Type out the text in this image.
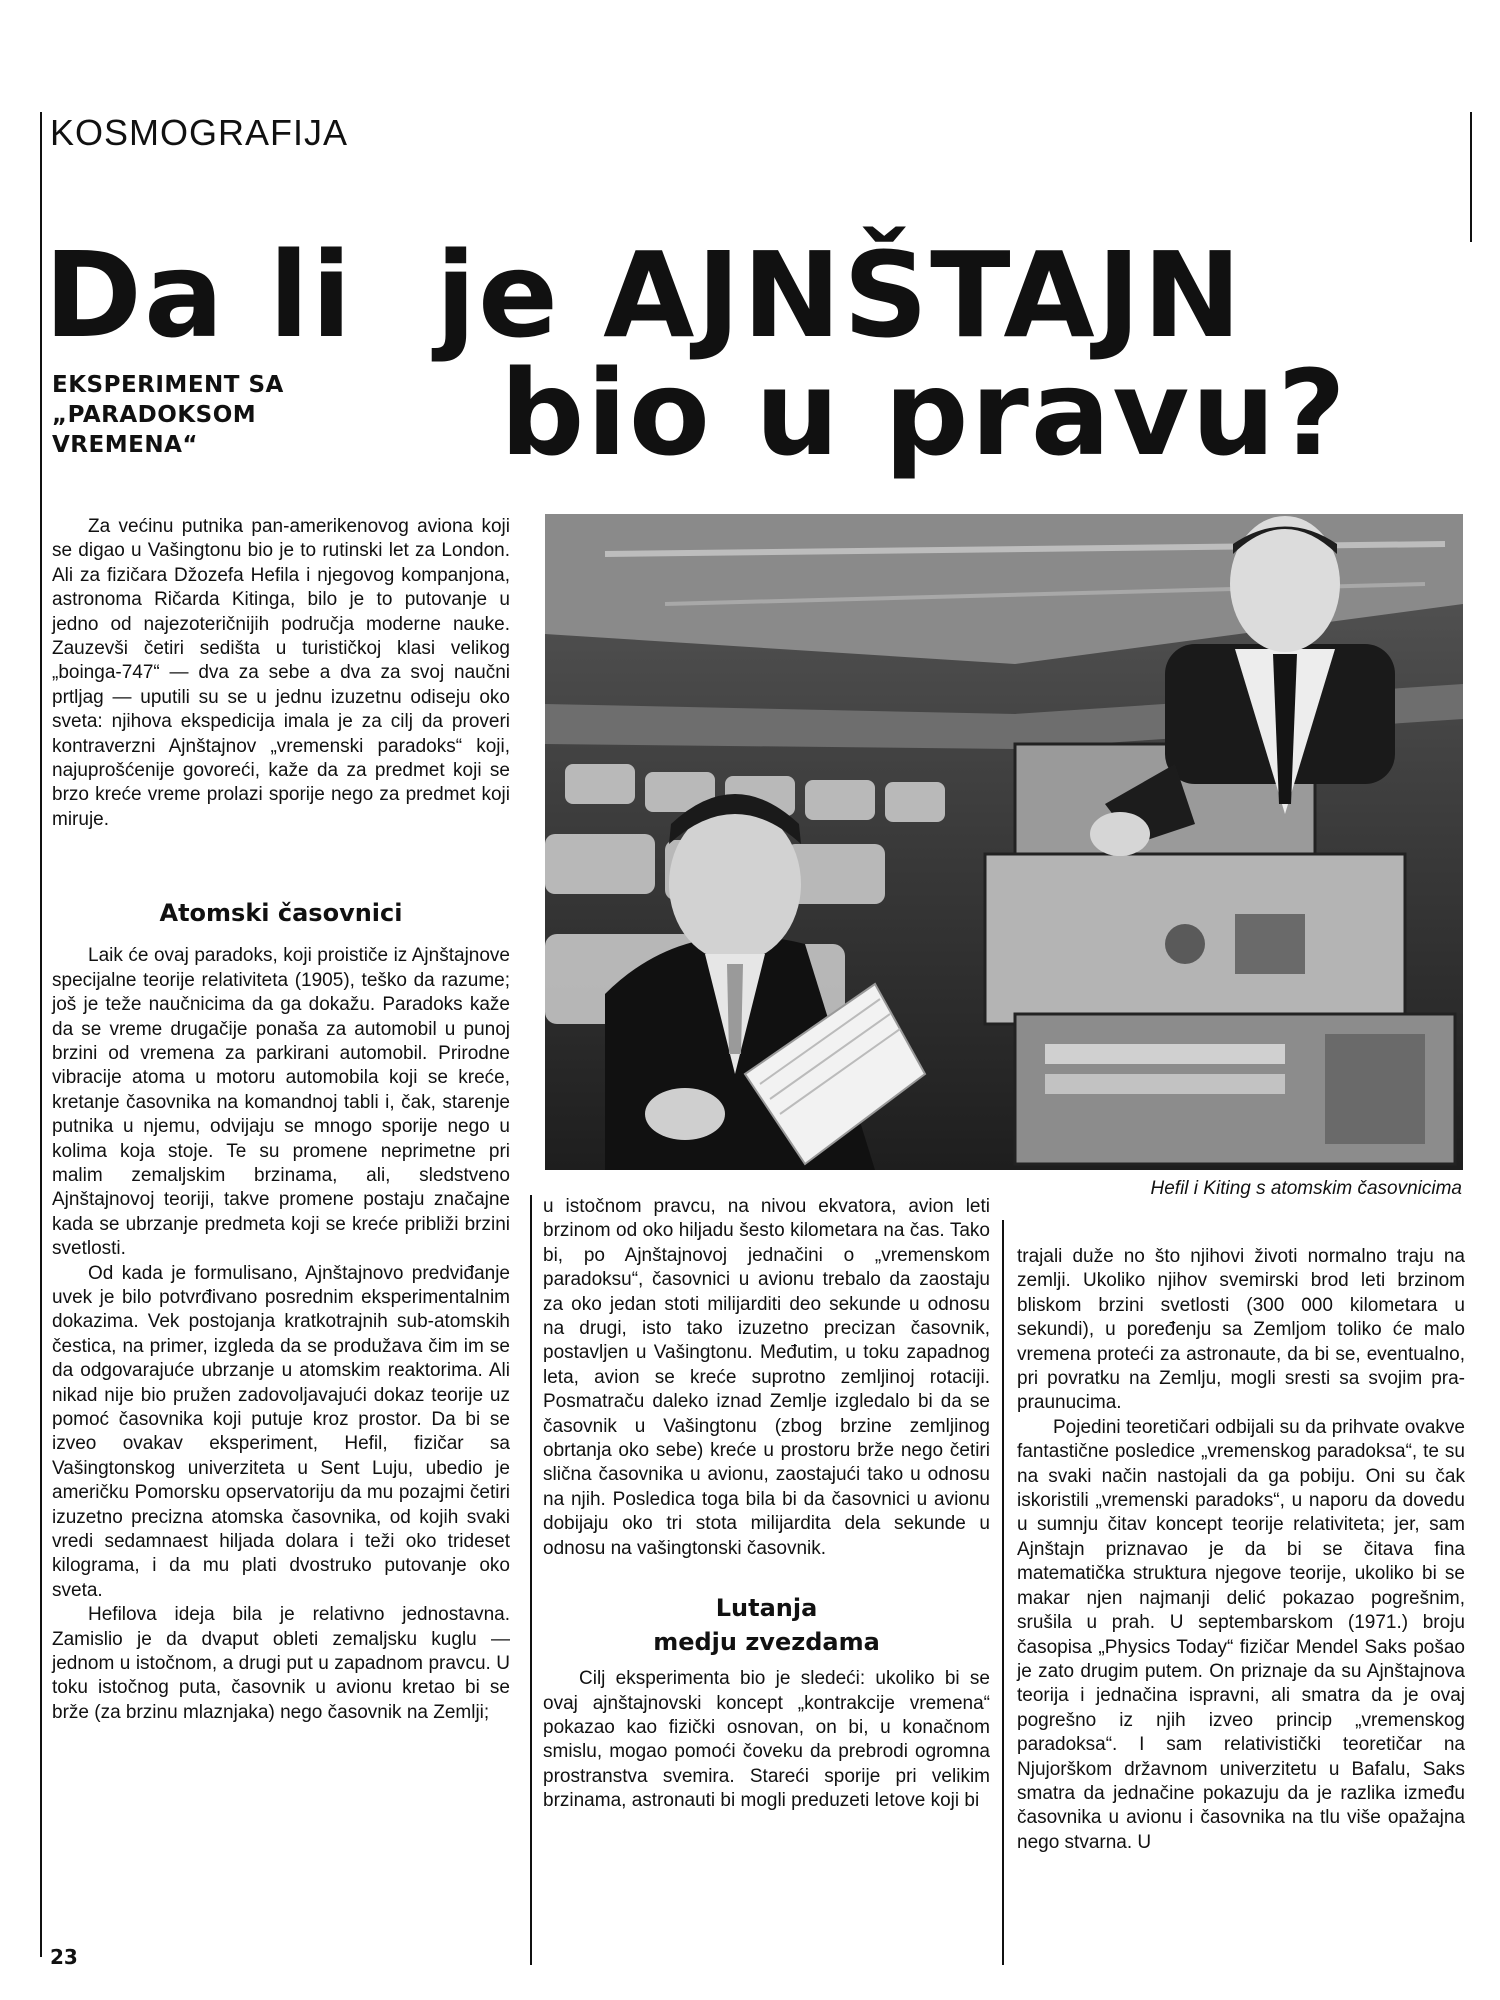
KOSMOGRAFIJA
Da li je AJNŠTAJN
bio u pravu?
EKSPERIMENT SA
„PARADOKSOM
VREMENA“

Za većinu putnika pan-amerikenovog aviona koji se digao u Vašingtonu bio je to rutinski let za London. Ali za fizičara Džozefa Hefila i njegovog kompanjona, astronoma Ričarda Kitinga, bilo je to putovanje u jedno od najezoteričnijih područja moderne nauke. Zauzevši četiri sedišta u turističkoj klasi velikog „boinga-747“ — dva za sebe a dva za svoj naučni prtljag — uputili su se u jednu izuzetnu odiseju oko sveta: njihova ekspedicija imala je za cilj da proveri kontraverzni Ajnštajnov „vremenski paradoks“ koji, najuprošćenije govoreći, kaže da za predmet koji se brzo kreće vreme prolazi sporije nego za predmet koji miruje.

Atomski časovnici

Laik će ovaj paradoks, koji proističe iz Ajnštajnove specijalne teorije relativiteta (1905), teško da razume; još je teže naučnicima da ga dokažu. Paradoks kaže da se vreme drugačije ponaša za automobil u punoj brzini od vremena za parkirani automobil. Prirodne vibracije atoma u motoru automobila koji se kreće, kretanje časovnika na komandnoj tabli i, čak, starenje putnika u njemu, odvijaju se mnogo sporije nego u kolima koja stoje. Te su promene neprimetne pri malim zemaljskim brzinama, ali, sledstveno Ajnštajnovoj teoriji, takve promene postaju značajne kada se ubrzanje predmeta koji se kreće približi brzini svetlosti.

Od kada je formulisano, Ajnštajnovo predviđanje uvek je bilo potvrđivano posrednim eksperimentalnim dokazima. Vek postojanja kratkotrajnih sub-atomskih čestica, na primer, izgleda da se produžava čim im se da odgovarajuće ubrzanje u atomskim reaktorima. Ali nikad nije bio pružen zadovoljavajući dokaz teorije uz pomoć časovnika koji putuje kroz prostor. Da bi se izveo ovakav eksperiment, Hefil, fizičar sa Vašingtonskog univerziteta u Sent Luju, ubedio je američku Pomorsku opservatoriju da mu pozajmi četiri izuzetno precizna atomska časovnika, od kojih svaki vredi sedamnaest hiljada dolara i teži oko trideset kilograma, i da mu plati dvostruko putovanje oko sveta.

Hefilova ideja bila je relativno jednostavna. Zamislio je da dvaput obleti zemaljsku kuglu — jednom u istočnom, a drugi put u zapadnom pravcu. U toku istočnog puta, časovnik u avionu kretao bi se brže (za brzinu mlaznjaka) nego časovnik na Zemlji;

Hefil i Kiting s atomskim časovnicima

u istočnom pravcu, na nivou ekvatora, avion leti brzinom od oko hiljadu šesto kilometara na čas. Tako bi, po Ajnštajnovoj jednačini o „vremenskom paradoksu“, časovnici u avionu trebalo da zaostaju za oko jedan stoti milijarditi deo sekunde u odnosu na drugi, isto tako izuzetno precizan časovnik, postavljen u Vašingtonu. Međutim, u toku zapadnog leta, avion se kreće suprotno zemljinoj rotaciji. Posmatraču daleko iznad Zemlje izgledalo bi da se časovnik u Vašingtonu (zbog brzine zemljinog obrtanja oko sebe) kreće u prostoru brže nego četiri slična časovnika u avionu, zaostajući tako u odnosu na njih. Posledica toga bila bi da časovnici u avionu dobijaju oko tri stota milijardita dela sekunde u odnosu na vašingtonski časovnik.

Lutanja

medju zvezdama

Cilj eksperimenta bio je sledeći: ukoliko bi se ovaj ajnštajnovski koncept „kontrakcije vremena“ pokazao kao fizički osnovan, on bi, u konačnom smislu, mogao pomoći čoveku da prebrodi ogromna prostranstva svemira. Stareći sporije pri velikim brzinama, astronauti bi mogli preduzeti letove koji bi

trajali duže no što njihovi životi normalno traju na zemlji. Ukoliko njihov svemirski brod leti brzinom bliskom brzini svetlosti (300 000 kilometara u sekundi), u poređenju sa Zemljom toliko će malo vremena proteći za astronaute, da bi se, eventualno, pri povratku na Zemlju, mogli sresti sa svojim pra-praunucima.

Pojedini teoretičari odbijali su da prihvate ovakve fantastične posledice „vremenskog paradoksa“, te su na svaki način nastojali da ga pobiju. Oni su čak iskoristili „vremenski paradoks“, u naporu da dovedu u sumnju čitav koncept teorije relativiteta; jer, sam Ajnštajn priznavao je da bi se čitava fina matematička struktura njegove teorije, ukoliko bi se makar njen najmanji delić pokazao pogrešnim, srušila u prah. U septembarskom (1971.) broju časopisa „Physics Today“ fizičar Mendel Saks pošao je zato drugim putem. On priznaje da su Ajnštajnova teorija i jednačina ispravni, ali smatra da je ovaj pogrešno iz njih izveo princip „vremenskog paradoksa“. I sam relativistički teoretičar na Njujorškom državnom univerzitetu u Bafalu, Saks smatra da jednačine pokazuju da je razlika između časovnika u avionu i časovnika na tlu više opažajna nego stvarna. U

23
